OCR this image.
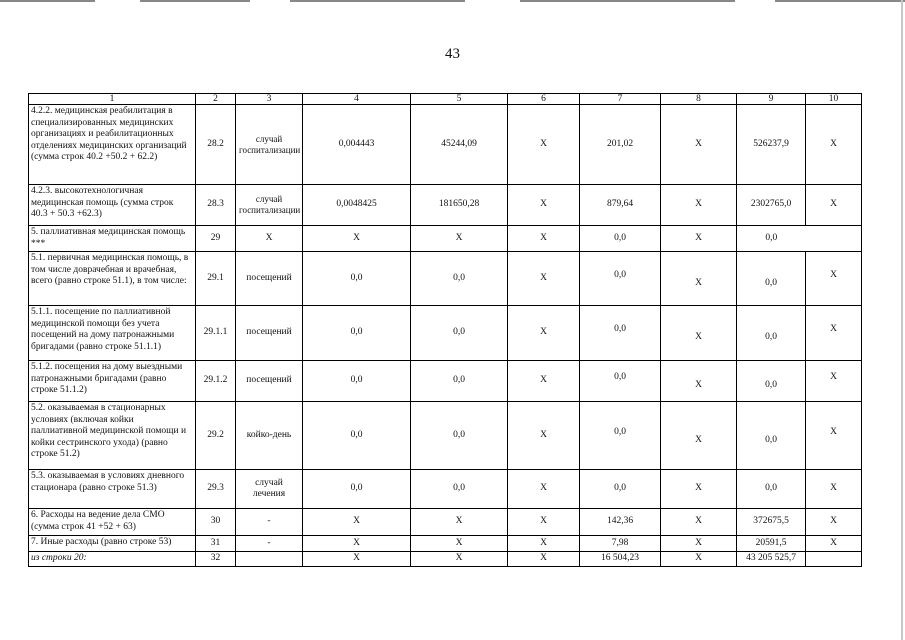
43
1	2	3	4	5	6	7	8	9	10
4.2.2. медицинская реабилитация в специализированных медицинских организациях и реабилитационных отделениях медицинских организаций (сумма строк 40.2 +50.2 + 62.2)	28.2	случай госпитализации	0,004443	45244,09	X	201,02	X	526237,9	X
4.2.3. высокотехнологичная медицинская помощь (сумма строк 40.3 + 50.3 +62.3)	28.3	случай госпитализации	0,0048425	181650,28	X	879,64	X	2302765,0	X
5. паллиативная медицинская помощь ***	29	X	X	X	X	0,0	X	0,0	
5.1. первичная медицинская помощь, в том числе доврачебная и врачебная, всего (равно строке 51.1), в том числе:	29.1	посещений	0,0	0,0	X	0,0	X	0,0	X
5.1.1. посещение по паллиативной медицинской помощи без учета посещений на дому патронажными бригадами (равно строке 51.1.1)	29.1.1	посещений	0,0	0,0	X	0,0	X	0,0	X
5.1.2. посещения на дому выездными патронажными бригадами (равно строке 51.1.2)	29.1.2	посещений	0,0	0,0	X	0,0	X	0,0	X
5.2. оказываемая в стационарных условиях (включая койки паллиативной медицинской помощи и койки сестринского ухода) (равно строке 51.2)	29.2	койко-день	0,0	0,0	X	0,0	X	0,0	X
5.3. оказываемая в условиях дневного стационара (равно строке 51.3)	29.3	случай лечения	0,0	0,0	X	0,0	X	0,0	X
6. Расходы на ведение дела СМО (сумма строк 41 +52 + 63)	30	-	X	X	X	142,36	X	372675,5	X
7. Иные расходы (равно строке 53)	31	-	X	X	X	7,98	X	20591,5	X
из строки 20:	32		X	X	X	16 504,23	X	43 205 525,7	
